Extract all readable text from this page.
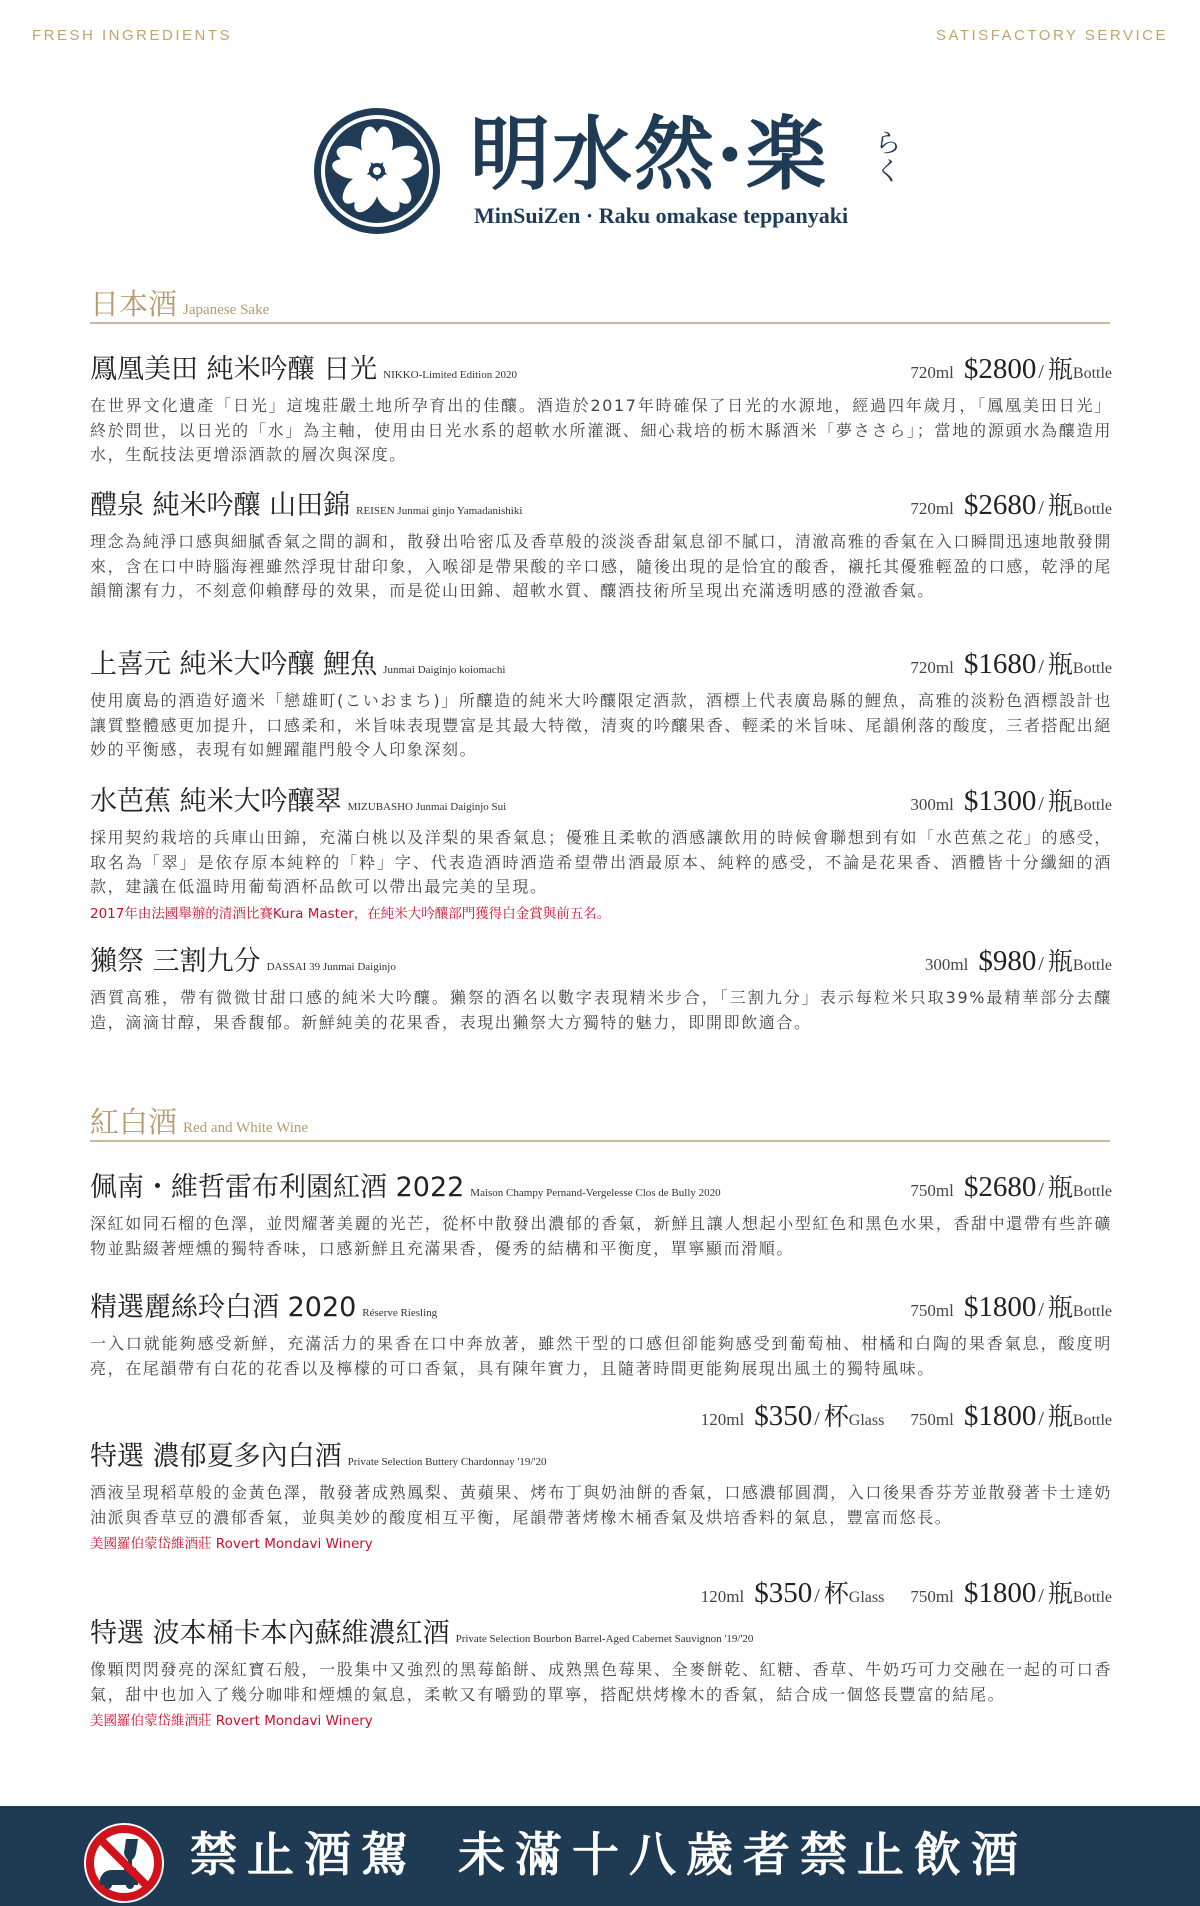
FRESH INGREDIENTS	SATISFACTORY SERVICE
明水然·楽 らく
MinSuiZen · Raku omakase teppanyaki
日本酒 Japanese Sake
鳳凰美田 純米吟釀 日光 NIKKO-Limited Edition 2020	720ml $2800 / 瓶Bottle
在世界文化遺產「日光」這塊莊嚴土地所孕育出的佳釀。酒造於2017年時確保了日光的水源地，經過四年歲月，「鳳凰美田日光」終於問世，以日光的「水」為主軸，使用由日光水系的超軟水所灌溉、細心栽培的栃木縣酒米「夢ささら」；當地的源頭水為釀造用水，生酛技法更增添酒款的層次與深度。
醴泉 純米吟釀 山田錦 REISEN Junmai ginjo Yamadanishiki	720ml $2680 / 瓶Bottle
理念為純淨口感與細膩香氣之間的調和，散發出哈密瓜及香草般的淡淡香甜氣息卻不膩口，清澈高雅的香氣在入口瞬間迅速地散發開來，含在口中時腦海裡雖然浮現甘甜印象，入喉卻是帶果酸的辛口感，隨後出現的是恰宜的酸香，襯托其優雅輕盈的口感，乾淨的尾韻簡潔有力，不刻意仰賴酵母的效果，而是從山田錦、超軟水質、釀酒技術所呈現出充滿透明感的澄澈香氣。
上喜元 純米大吟釀 鯉魚 Junmai Daiginjo koiomachi	720ml $1680 / 瓶Bottle
使用廣島的酒造好適米「戀雄町(こいおまち)」所釀造的純米大吟釀限定酒款，酒標上代表廣島縣的鯉魚，高雅的淡粉色酒標設計也讓質整體感更加提升，口感柔和，米旨味表現豐富是其最大特徵，清爽的吟釀果香、輕柔的米旨味、尾韻俐落的酸度，三者搭配出絕妙的平衡感，表現有如鯉躍龍門般令人印象深刻。
水芭蕉 純米大吟釀翠 MIZUBASHO Junmai Daiginjo Sui	300ml $1300 / 瓶Bottle
採用契約栽培的兵庫山田錦，充滿白桃以及洋梨的果香氣息；優雅且柔軟的酒感讓飲用的時候會聯想到有如「水芭蕉之花」的感受，取名為「翠」是依存原本純粹的「粋」字、代表造酒時酒造希望帶出酒最原本、純粹的感受，不論是花果香、酒體皆十分纖細的酒款，建議在低溫時用葡萄酒杯品飲可以帶出最完美的呈現。
2017年由法國舉辦的清酒比賽Kura Master，在純米大吟釀部門獲得白金賞與前五名。
獺祭 三割九分 DASSAI 39 Junmai Daiginjo	300ml $980 / 瓶Bottle
酒質高雅，帶有微微甘甜口感的純米大吟釀。獺祭的酒名以數字表現精米步合，「三割九分」表示每粒米只取39%最精華部分去釀造，滴滴甘醇，果香馥郁。新鮮純美的花果香，表現出獺祭大方獨特的魅力，即開即飲適合。
紅白酒 Red and White Wine
佩南・維哲雷布利園紅酒 2022 Maison Champy Pernand-Vergelesse Clos de Bully 2020	750ml $2680 / 瓶Bottle
深紅如同石榴的色澤，並閃耀著美麗的光芒，從杯中散發出濃郁的香氣，新鮮且讓人想起小型紅色和黑色水果，香甜中還帶有些許礦物並點綴著煙燻的獨特香味，口感新鮮且充滿果香，優秀的結構和平衡度，單寧顯而滑順。
精選麗絲玲白酒 2020 Réserve Riesling	750ml $1800 / 瓶Bottle
一入口就能夠感受新鮮，充滿活力的果香在口中奔放著，雖然干型的口感但卻能夠感受到葡萄柚、柑橘和白陶的果香氣息，酸度明亮，在尾韻帶有白花的花香以及檸檬的可口香氣，具有陳年實力，且隨著時間更能夠展現出風土的獨特風味。
特選 濃郁夏多內白酒 Private Selection Buttery Chardonnay '19/'20
120ml $350 / 杯Glass 750ml $1800 / 瓶Bottle
酒液呈現稻草般的金黃色澤，散發著成熟鳳梨、黃蘋果、烤布丁與奶油餅的香氣，口感濃郁圓潤，入口後果香芬芳並散發著卡士達奶油派與香草豆的濃郁香氣，並與美妙的酸度相互平衡，尾韻帶著烤橡木桶香氣及烘培香料的氣息，豐富而悠長。
美國羅伯蒙岱維酒莊 Rovert Mondavi Winery
特選 波本桶卡本內蘇維濃紅酒 Private Selection Bourbon Barrel-Aged Cabernet Sauvignon '19/'20
120ml $350 / 杯Glass 750ml $1800 / 瓶Bottle
像顆閃閃發亮的深紅寶石般，一股集中又強烈的黑莓餡餅、成熟黑色莓果、全麥餅乾、紅糖、香草、牛奶巧可力交融在一起的可口香氣，甜中也加入了幾分咖啡和煙燻的氣息，柔軟又有嚼勁的單寧，搭配烘烤橡木的香氣，結合成一個悠長豐富的結尾。
美國羅伯蒙岱維酒莊 Rovert Mondavi Winery
禁止酒駕 未滿十八歲者禁止飲酒
